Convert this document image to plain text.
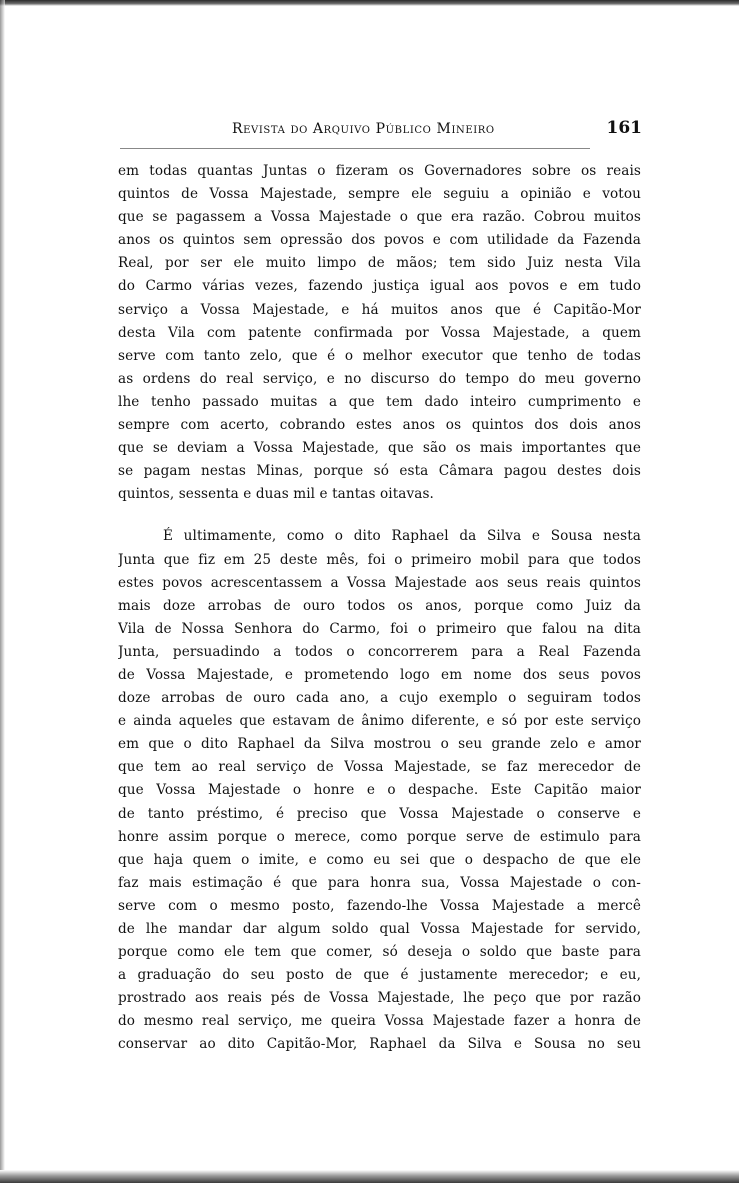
Revista do Arquivo Público Mineiro	161
em todas quantas Juntas o fizeram os Governadores sobre os reais
quintos de Vossa Majestade, sempre ele seguiu a opinião e votou
que se pagassem a Vossa Majestade o que era razão. Cobrou muitos
anos os quintos sem opressão dos povos e com utilidade da Fazenda
Real, por ser ele muito limpo de mãos; tem sido Juiz nesta Vila
do Carmo várias vezes, fazendo justiça igual aos povos e em tudo
serviço a Vossa Majestade, e há muitos anos que é Capitão-Mor
desta Vila com patente confirmada por Vossa Majestade, a quem
serve com tanto zelo, que é o melhor executor que tenho de todas
as ordens do real serviço, e no discurso do tempo do meu governo
lhe tenho passado muitas a que tem dado inteiro cumprimento e
sempre com acerto, cobrando estes anos os quintos dos dois anos
que se deviam a Vossa Majestade, que são os mais importantes que
se pagam nestas Minas, porque só esta Câmara pagou destes dois
quintos, sessenta e duas mil e tantas oitavas.
É ultimamente, como o dito Raphael da Silva e Sousa nesta
Junta que fiz em 25 deste mês, foi o primeiro mobil para que todos
estes povos acrescentassem a Vossa Majestade aos seus reais quintos
mais doze arrobas de ouro todos os anos, porque como Juiz da
Vila de Nossa Senhora do Carmo, foi o primeiro que falou na dita
Junta, persuadindo a todos o concorrerem para a Real Fazenda
de Vossa Majestade, e prometendo logo em nome dos seus povos
doze arrobas de ouro cada ano, a cujo exemplo o seguiram todos
e ainda aqueles que estavam de ânimo diferente, e só por este serviço
em que o dito Raphael da Silva mostrou o seu grande zelo e amor
que tem ao real serviço de Vossa Majestade, se faz merecedor de
que Vossa Majestade o honre e o despache. Este Capitão maior
de tanto préstimo, é preciso que Vossa Majestade o conserve e
honre assim porque o merece, como porque serve de estimulo para
que haja quem o imite, e como eu sei que o despacho de que ele
faz mais estimação é que para honra sua, Vossa Majestade o con-
serve com o mesmo posto, fazendo-lhe Vossa Majestade a mercê
de lhe mandar dar algum soldo qual Vossa Majestade for servido,
porque como ele tem que comer, só deseja o soldo que baste para
a graduação do seu posto de que é justamente merecedor; e eu,
prostrado aos reais pés de Vossa Majestade, lhe peço que por razão
do mesmo real serviço, me queira Vossa Majestade fazer a honra de
conservar ao dito Capitão-Mor, Raphael da Silva e Sousa no seu
